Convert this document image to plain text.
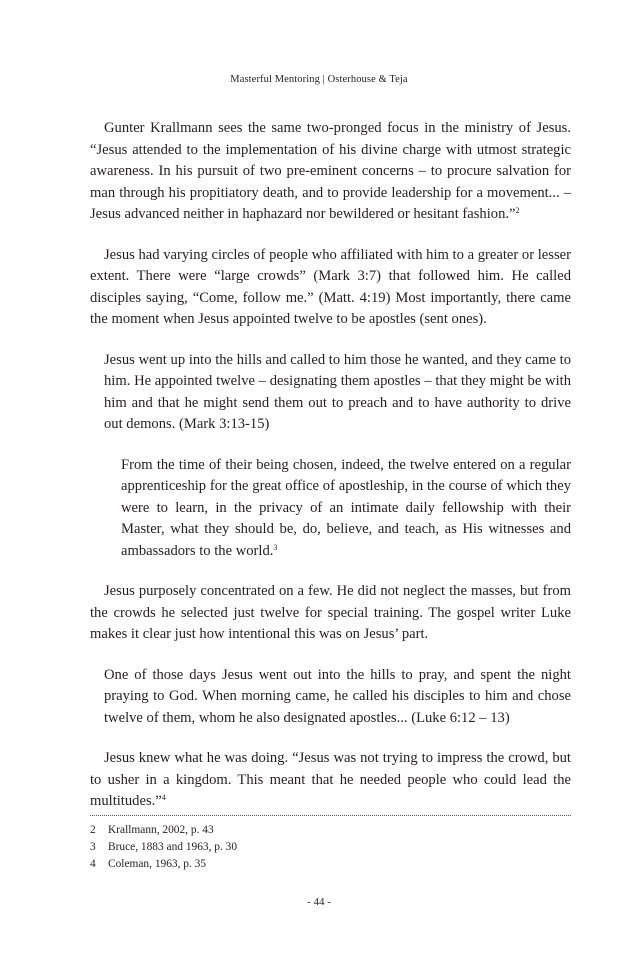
Masterful Mentoring | Osterhouse & Teja

Gunter Krallmann sees the same two-pronged focus in the ministry of Jesus. “Jesus attended to the implementation of his divine charge with utmost strategic awareness. In his pursuit of two pre-eminent concerns – to procure salvation for man through his propitiatory death, and to provide leadership for a movement... – Jesus advanced neither in haphazard nor bewildered or hesitant fashion.”$^2$

Jesus had varying circles of people who affiliated with him to a greater or lesser extent. There were “large crowds” (Mark 3:7) that followed him. He called disciples saying, “Come, follow me.” (Matt. 4:19) Most importantly, there came the moment when Jesus appointed twelve to be apostles (sent ones).

Jesus went up into the hills and called to him those he wanted, and they came to him. He appointed twelve – designating them apostles – that they might be with him and that he might send them out to preach and to have authority to drive out demons. (Mark 3:13-15)

From the time of their being chosen, indeed, the twelve entered on a regular apprenticeship for the great office of apostleship, in the course of which they were to learn, in the privacy of an intimate daily fellowship with their Master, what they should be, do, believe, and teach, as His witnesses and ambassadors to the world.$^3$

Jesus purposely concentrated on a few. He did not neglect the masses, but from the crowds he selected just twelve for special training. The gospel writer Luke makes it clear just how intentional this was on Jesus’ part.

One of those days Jesus went out into the hills to pray, and spent the night praying to God. When morning came, he called his disciples to him and chose twelve of them, whom he also designated apostles... (Luke 6:12 – 13)

Jesus knew what he was doing. “Jesus was not trying to impress the crowd, but to usher in a kingdom. This meant that he needed people who could lead the multitudes.”$^4$

2	Krallmann, 2002, p. 43
3	Bruce, 1883 and 1963, p. 30
4	Coleman, 1963, p. 35
- 44 -
